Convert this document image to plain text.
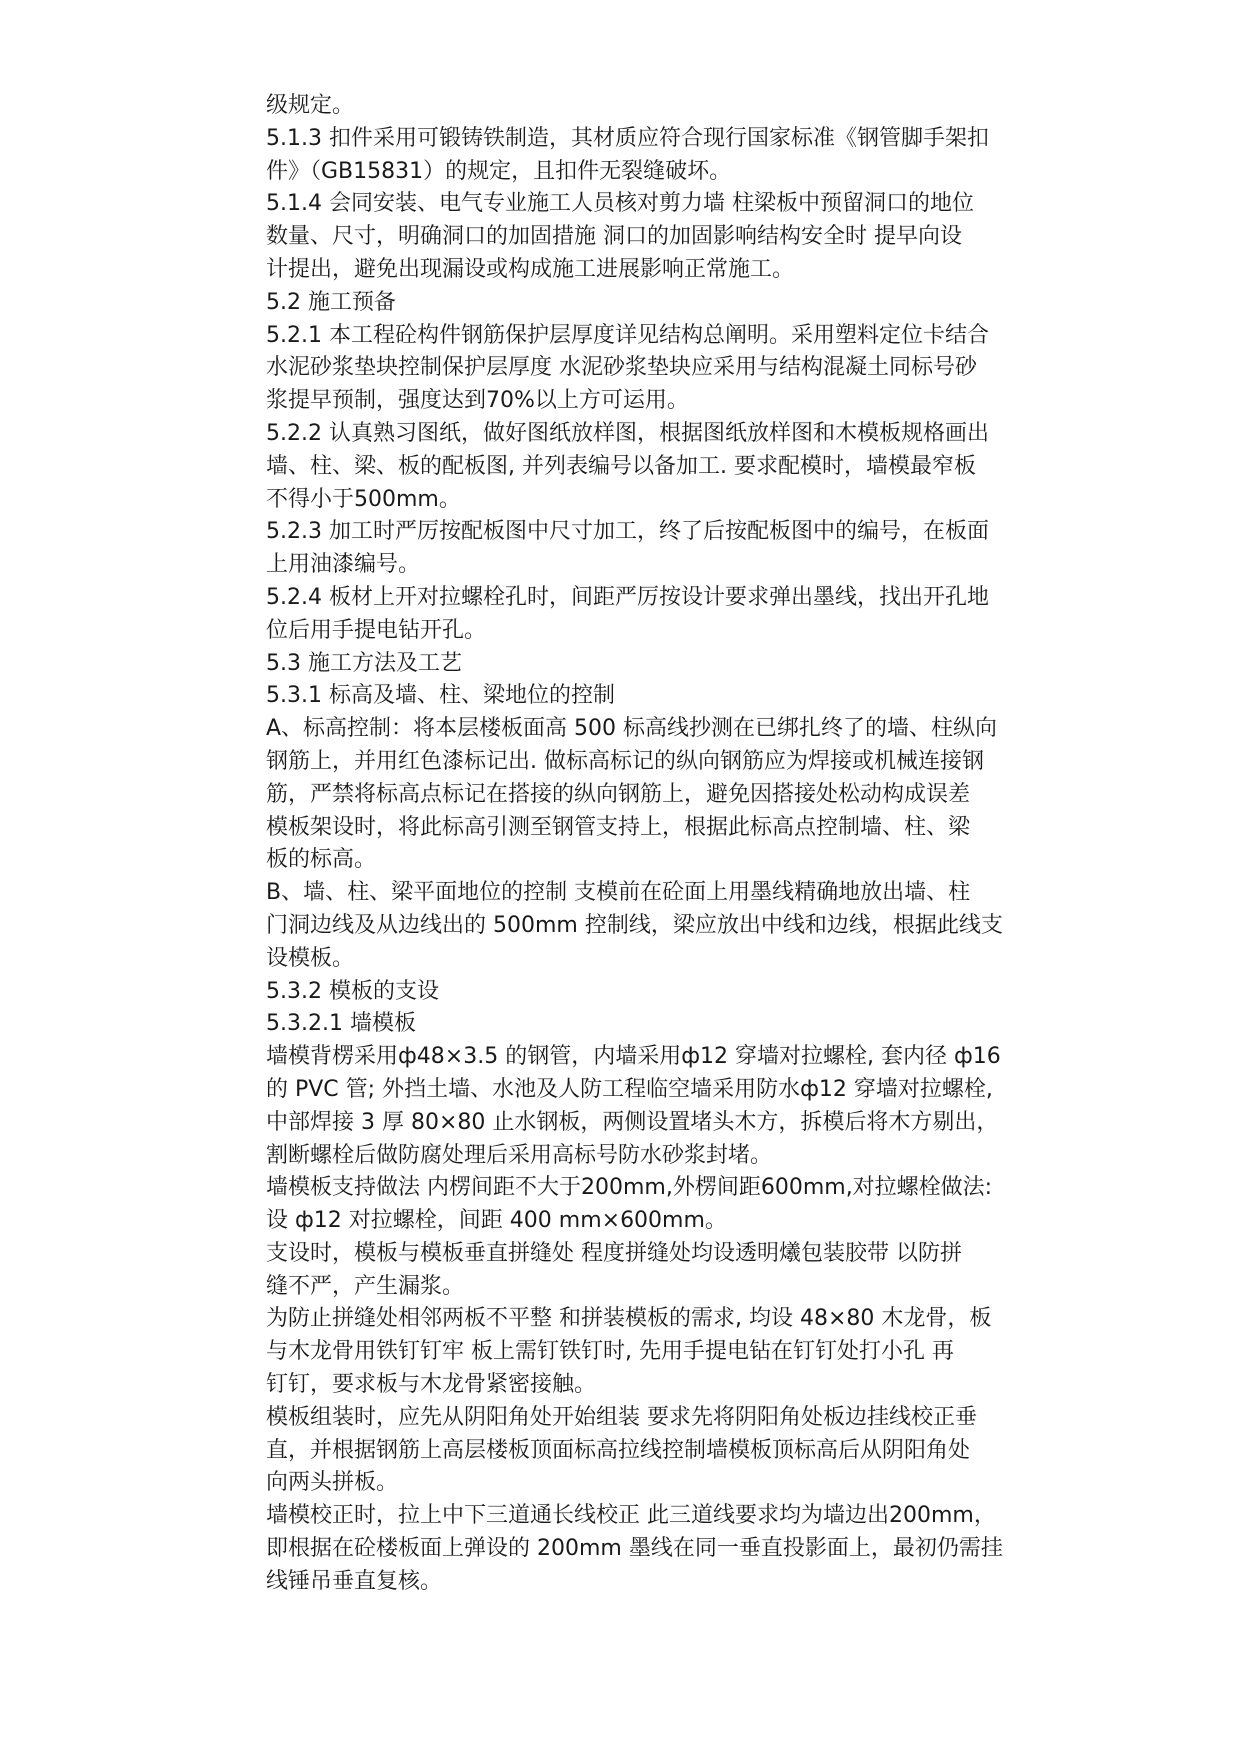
级规定。
5.1.3 扣件采用可锻铸铁制造，其材质应符合现行国家标准《钢管脚手架扣
件》（GB15831）的规定，且扣件无裂缝破坏。
5.1.4 会同安装、电气专业施工人员核对剪力墙 柱梁板中预留洞口的地位
数量、尺寸，明确洞口的加固措施 洞口的加固影响结构安全时 提早向设
计提出，避免出现漏设或构成施工进展影响正常施工。
5.2 施工预备
5.2.1 本工程砼构件钢筋保护层厚度详见结构总阐明。采用塑料定位卡结合
水泥砂浆垫块控制保护层厚度 水泥砂浆垫块应采用与结构混凝土同标号砂
浆提早预制，强度达到70%以上方可运用。
5.2.2 认真熟习图纸，做好图纸放样图，根据图纸放样图和木模板规格画出
墙、柱、梁、板的配板图, 并列表编号以备加工. 要求配模时，墙模最窄板
不得小于500mm。
5.2.3 加工时严厉按配板图中尺寸加工，终了后按配板图中的编号，在板面
上用油漆编号。
5.2.4 板材上开对拉螺栓孔时，间距严厉按设计要求弹出墨线，找出开孔地
位后用手提电钻开孔。
5.3 施工方法及工艺
5.3.1 标高及墙、柱、梁地位的控制
A、标高控制：将本层楼板面高 500 标高线抄测在已绑扎终了的墙、柱纵向
钢筋上，并用红色漆标记出. 做标高标记的纵向钢筋应为焊接或机械连接钢
筋，严禁将标高点标记在搭接的纵向钢筋上，避免因搭接处松动构成误差
模板架设时，将此标高引测至钢管支持上，根据此标高点控制墙、柱、梁
板的标高。
B、墙、柱、梁平面地位的控制 支模前在砼面上用墨线精确地放出墙、柱
门洞边线及从边线出的 500mm 控制线，梁应放出中线和边线，根据此线支
设模板。
5.3.2 模板的支设
5.3.2.1 墙模板
墙模背楞采用ф48×3.5 的钢管，内墙采用ф12 穿墙对拉螺栓, 套内径 ф16
的 PVC 管; 外挡土墙、水池及人防工程临空墙采用防水ф12 穿墙对拉螺栓,
中部焊接 3 厚 80×80 止水钢板，两侧设置堵头木方，拆模后将木方剔出，
割断螺栓后做防腐处理后采用高标号防水砂浆封堵。
墙模板支持做法 内楞间距不大于200mm,外楞间距600mm,对拉螺栓做法:
设 ф12 对拉螺栓，间距 400 mm×600mm。
支设时，模板与模板垂直拼缝处 程度拼缝处均设透明爔包装胶带 以防拼
缝不严，产生漏浆。
为防止拼缝处相邻两板不平整 和拼装模板的需求, 均设 48×80 木龙骨，板
与木龙骨用铁钉钉牢 板上需钉铁钉时, 先用手提电钻在钉钉处打小孔 再
钉钉，要求板与木龙骨紧密接触。
模板组装时，应先从阴阳角处开始组装 要求先将阴阳角处板边挂线校正垂
直，并根据钢筋上高层楼板顶面标高拉线控制墙模板顶标高后从阴阳角处
向两头拼板。
墙模校正时，拉上中下三道通长线校正 此三道线要求均为墙边出200mm，
即根据在砼楼板面上弹设的 200mm 墨线在同一垂直投影面上，最初仍需挂
线锤吊垂直复核。
